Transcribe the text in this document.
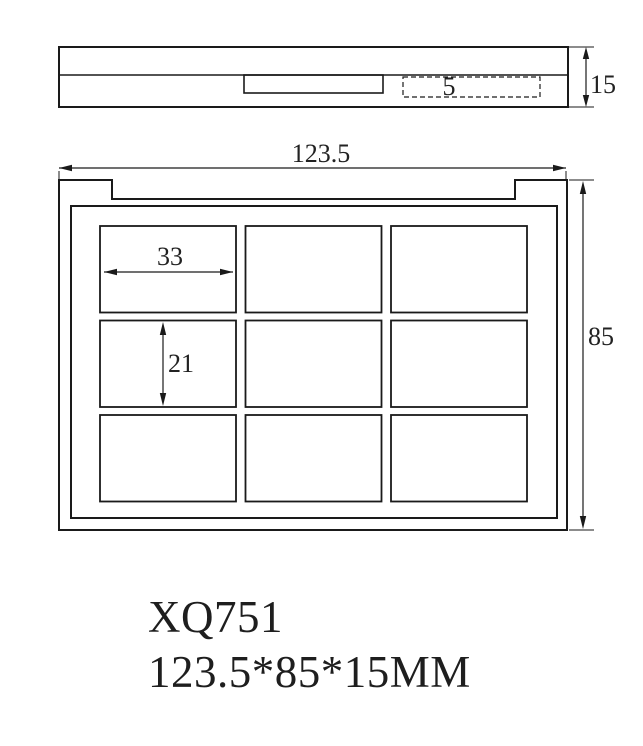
5	15
123.5
33
21
85
XQ751
123.5*85*15MM
